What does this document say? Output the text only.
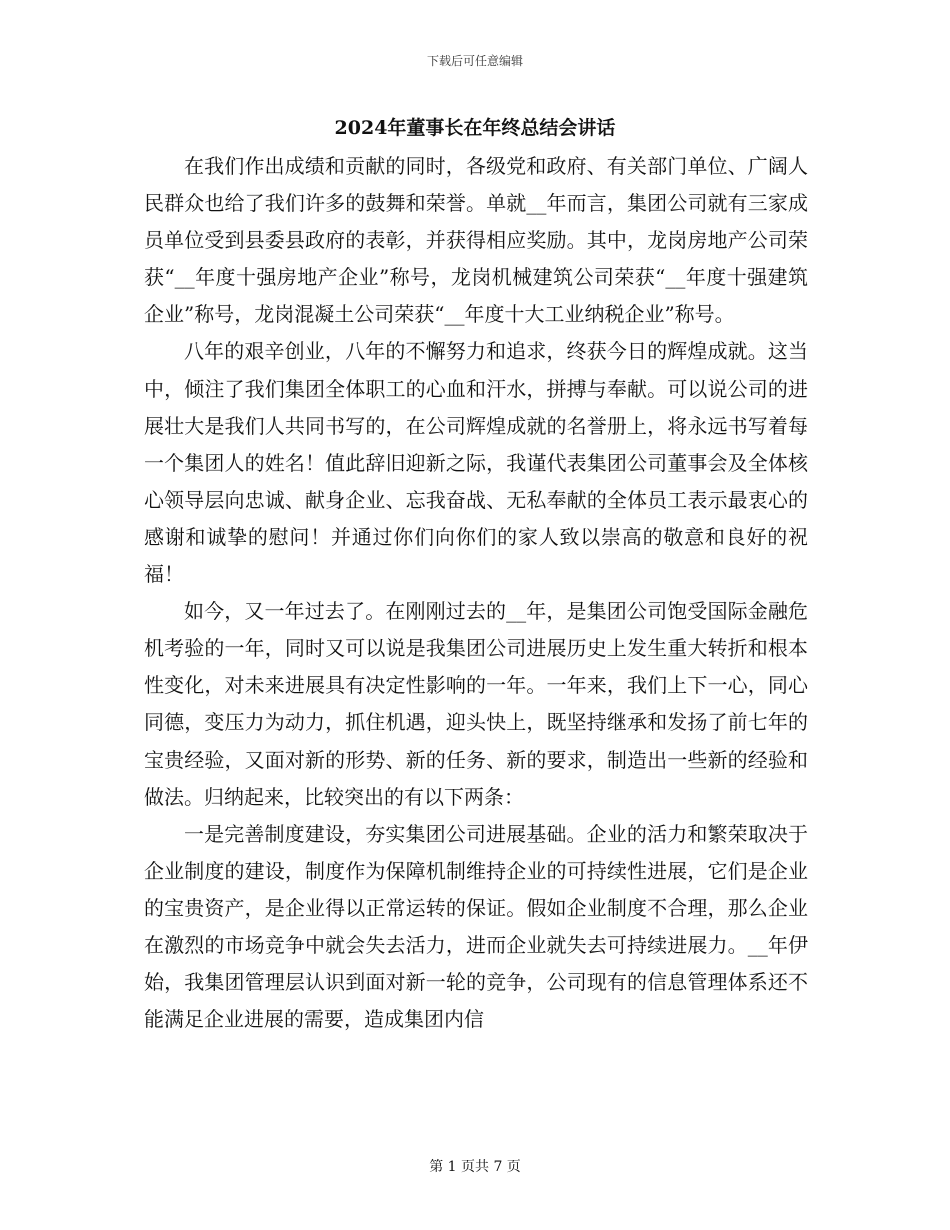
下载后可任意编辑
2024年董事长在年终总结会讲话

在我们作出成绩和贡献的同时，各级党和政府、有关部门单位、广阔人民群众也给了我们许多的鼓舞和荣誉。单就__年而言，集团公司就有三家成员单位受到县委县政府的表彰，并获得相应奖励。其中，龙岗房地产公司荣获“__年度十强房地产企业”称号，龙岗机械建筑公司荣获“__年度十强建筑企业”称号，龙岗混凝土公司荣获“__年度十大工业纳税企业”称号。

八年的艰辛创业，八年的不懈努力和追求，终获今日的辉煌成就。这当中，倾注了我们集团全体职工的心血和汗水，拼搏与奉献。可以说公司的进展壮大是我们人共同书写的，在公司辉煌成就的名誉册上，将永远书写着每一个集团人的姓名！值此辞旧迎新之际，我谨代表集团公司董事会及全体核心领导层向忠诚、献身企业、忘我奋战、无私奉献的全体员工表示最衷心的感谢和诚挚的慰问！并通过你们向你们的家人致以崇高的敬意和良好的祝福！

如今，又一年过去了。在刚刚过去的__年，是集团公司饱受国际金融危机考验的一年，同时又可以说是我集团公司进展历史上发生重大转折和根本性变化，对未来进展具有决定性影响的一年。一年来，我们上下一心，同心同德，变压力为动力，抓住机遇，迎头快上，既坚持继承和发扬了前七年的宝贵经验，又面对新的形势、新的任务、新的要求，制造出一些新的经验和做法。归纳起来，比较突出的有以下两条：

一是完善制度建设，夯实集团公司进展基础。企业的活力和繁荣取决于企业制度的建设，制度作为保障机制维持企业的可持续性进展，它们是企业的宝贵资产，是企业得以正常运转的保证。假如企业制度不合理，那么企业在激烈的市场竞争中就会失去活力，进而企业就失去可持续进展力。__年伊始，我集团管理层认识到面对新一轮的竞争，公司现有的信息管理体系还不能满足企业进展的需要，造成集团内信

第 1 页共 7 页
